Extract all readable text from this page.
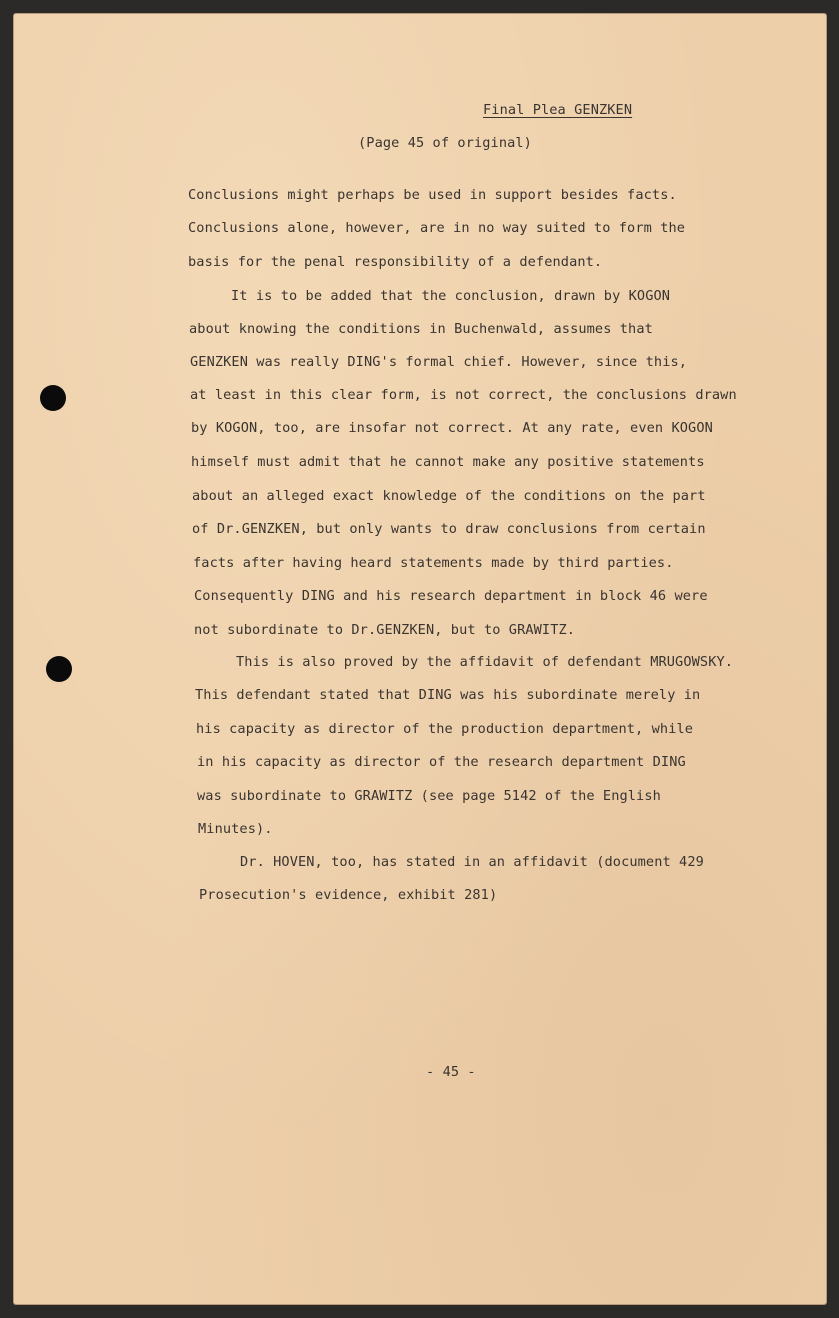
Final Plea GENZKEN
(Page 45 of original)
Conclusions might perhaps be used in support besides facts.
Conclusions alone, however, are in no way suited to form the
basis for the penal responsibility of a defendant.
It is to be added that the conclusion, drawn by KOGON
about knowing the conditions in Buchenwald, assumes that
GENZKEN was really DING's formal chief. However, since this,
at least in this clear form, is not correct, the conclusions drawn
by KOGON, too, are insofar not correct. At any rate, even KOGON
himself must admit that he cannot make any positive statements
about an alleged exact knowledge of the conditions on the part
of Dr.GENZKEN, but only wants to draw conclusions from certain
facts after having heard statements made by third parties.
Consequently DING and his research department in block 46 were
not subordinate to Dr.GENZKEN, but to GRAWITZ.
This is also proved by the affidavit of defendant MRUGOWSKY.
This defendant stated that DING was his subordinate merely in
his capacity as director of the production department, while
in his capacity as director of the research department DING
was subordinate to GRAWITZ (see page 5142 of the English
Minutes).
Dr. HOVEN, too, has stated in an affidavit (document 429
Prosecution's evidence, exhibit 281)
- 45 -
